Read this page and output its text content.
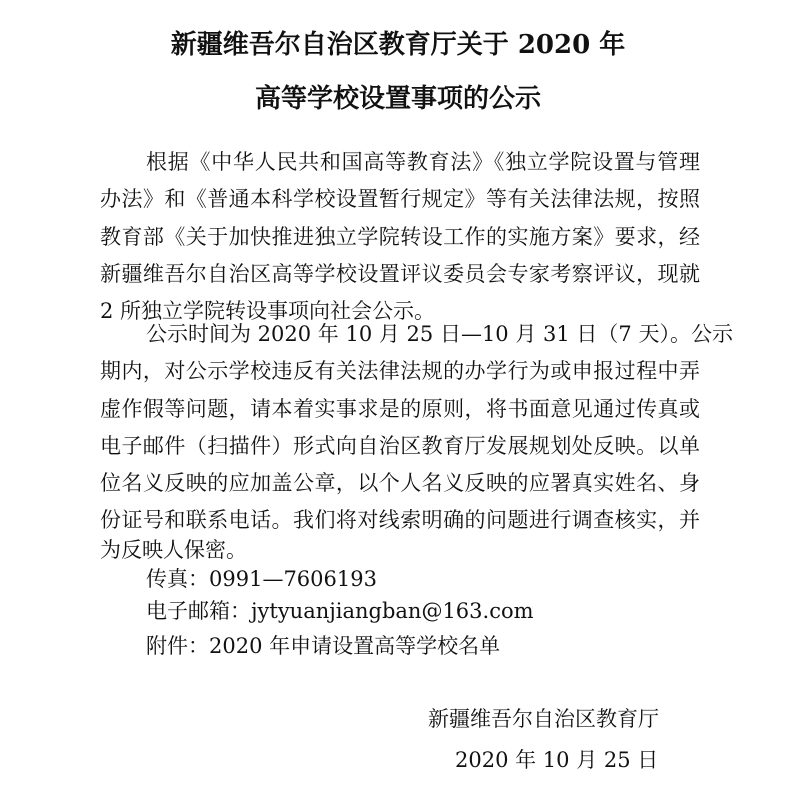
新疆维吾尔自治区教育厅关于 2020 年
高等学校设置事项的公示
根据《中华人民共和国高等教育法》《独立学院设置与管理
办法》和《普通本科学校设置暂行规定》等有关法律法规，按照
教育部《关于加快推进独立学院转设工作的实施方案》要求，经
新疆维吾尔自治区高等学校设置评议委员会专家考察评议，现就
2 所独立学院转设事项向社会公示。
公示时间为 2020 年 10 月 25 日—10 月 31 日（7 天）。公示
期内，对公示学校违反有关法律法规的办学行为或申报过程中弄
虚作假等问题，请本着实事求是的原则，将书面意见通过传真或
电子邮件（扫描件）形式向自治区教育厅发展规划处反映。以单
位名义反映的应加盖公章，以个人名义反映的应署真实姓名、身
份证号和联系电话。我们将对线索明确的问题进行调查核实，并
为反映人保密。
传真：0991—7606193
电子邮箱：jytyuanjiangban@163.com
附件：2020 年申请设置高等学校名单
新疆维吾尔自治区教育厅
2020 年 10 月 25 日
